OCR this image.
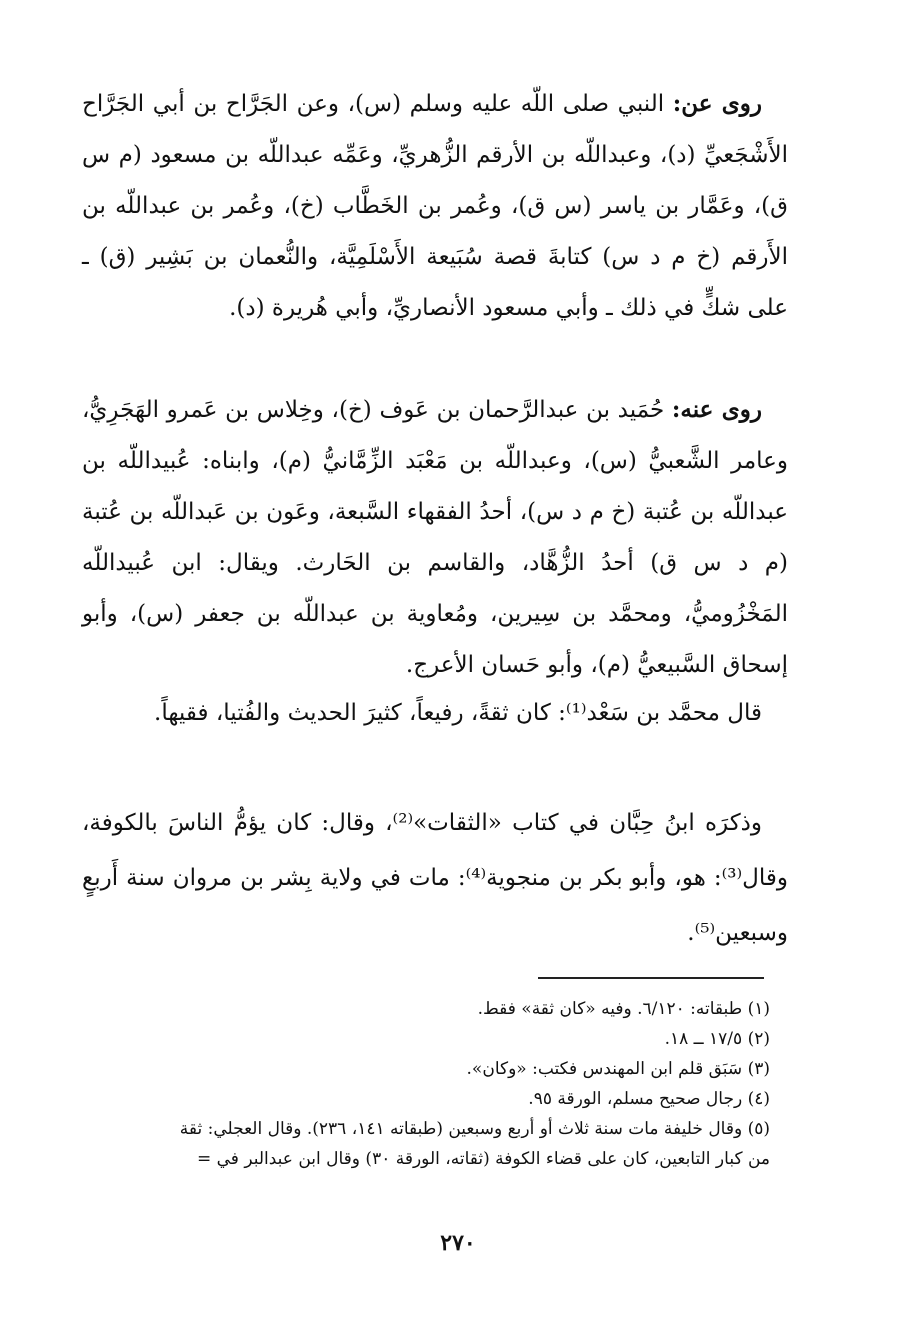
روى عن: النبي صلى اللّه عليه وسلم (س)، وعن الجَرَّاح بن أبي الجَرَّاح الأَشْجَعيِّ (د)، وعبداللّه بن الأرقم الزُّهريِّ، وعَمِّه عبداللّه بن مسعود (م س ق)، وعَمَّار بن ياسر (س ق)، وعُمر بن الخَطَّاب (خ)، وعُمر بن عبداللّه بن الأَرقم (خ م د س) كتابةَ قصة سُبَيعة الأَسْلَمِيَّة، والنُّعمان بن بَشِير (ق) ـ على شكٍّ في ذلك ـ وأبي مسعود الأنصاريِّ، وأبي هُريرة (د).

روى عنه: حُمَيد بن عبدالرَّحمان بن عَوف (خ)، وخِلاس بن عَمرو الهَجَرِيُّ، وعامر الشَّعبيُّ (س)، وعبداللّه بن مَعْبَد الزِّمَّانيُّ (م)، وابناه: عُبيداللّه بن عبداللّه بن عُتبة (خ م د س)، أحدُ الفقهاء السَّبعة، وعَون بن عَبداللّه بن عُتبة (م د س ق) أحدُ الزُّهَّاد، والقاسم بن الحَارث. ويقال: ابن عُبيداللّه المَخْزُوميُّ، ومحمَّد بن سِيرين، ومُعاوية بن عبداللّه بن جعفر (س)، وأبو إسحاق السَّبيعيُّ (م)، وأبو حَسان الأعرج.

قال محمَّد بن سَعْد⁽¹⁾: كان ثقةً، رفيعاً، كثيرَ الحديث والفُتيا، فقيهاً.

وذكرَه ابنُ حِبَّان في كتاب «الثقات»⁽²⁾، وقال: كان يؤمُّ الناسَ بالكوفة، وقال⁽³⁾: هو، وأبو بكر بن منجوية⁽⁴⁾: مات في ولاية بِشر بن مروان سنة أَربعٍ وسبعين⁽⁵⁾.

(١) طبقاته: ٦/١٢٠. وفيه «كان ثقة» فقط.

(٢) ١٧/٥ ــ ١٨.

(٣) سَبَق قلم ابن المهندس فكتب: «وكان».

(٤) رجال صحيح مسلم، الورقة ٩٥.

(٥) وقال خليفة مات سنة ثلاث أو أربع وسبعين (طبقاته ١٤١، ٢٣٦). وقال العجلي: ثقة

من كبار التابعين، كان على قضاء الكوفة (ثقاته، الورقة ٣٠) وقال ابن عبدالبر في =

٢٧٠
